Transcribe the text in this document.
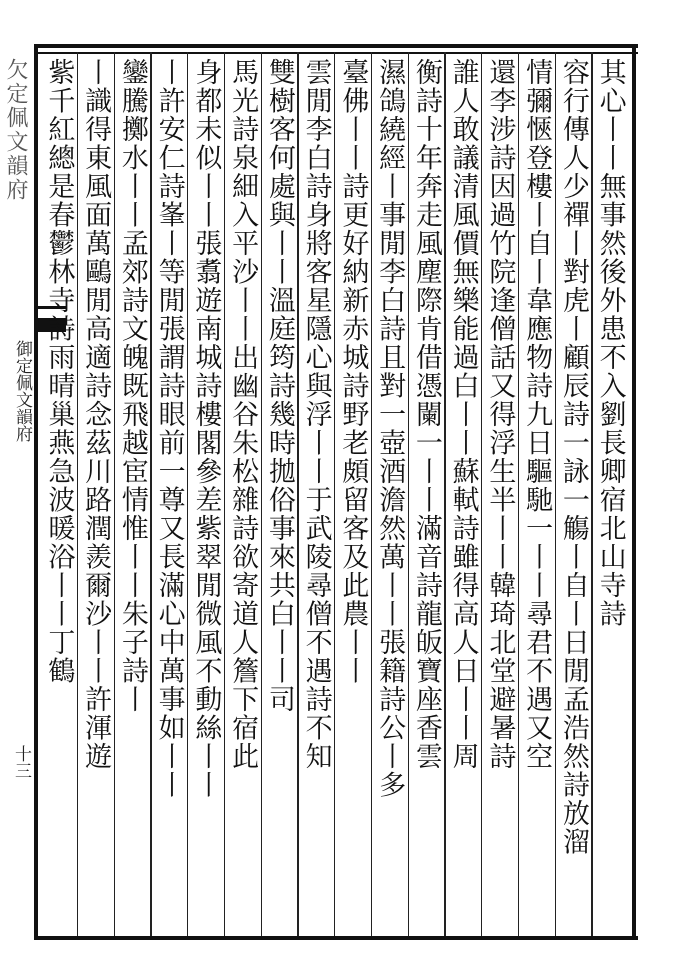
欠定佩文韻府
御定佩文韻府
十三
其心丨丨無事然後外患不入劉長卿宿北山寺詩
容行傳人少禪丨對虎丨顧辰詩一詠一觴丨自丨日閒孟浩然詩放溜
情彌愜登樓丨自丨韋應物詩九日驅馳一丨丨尋君不遇又空
還李涉詩因過竹院逢僧話又得浮生半丨丨韓琦北堂避暑詩
誰人敢議清風價無樂能過白丨丨蘇軾詩雖得高人日丨丨周
衡詩十年奔走風塵際肯借憑闌一丨丨滿音詩龍皈寶座香雲
濕鴿繞經丨事閒李白詩且對一壺酒澹然萬丨丨張籍詩公丨多
臺佛丨丨詩更好納新赤城詩野老頗留客及此農丨丨
雲閒李白詩身將客星隱心與浮丨丨于武陵尋僧不遇詩不知
雙樹客何處與丨丨溫庭筠詩幾時拋俗事來共白丨丨司
馬光詩泉細入平沙丨丨出幽谷朱松雜詩欲寄道人簷下宿此
身都未似丨丨張翥遊南城詩樓閣參差紫翠閒微風不動絲丨丨
丨許安仁詩峯丨等閒張謂詩眼前一尊又長滿心中萬事如丨丨
鑾騰擲水丨丨孟郊詩文魄既飛越宦情惟丨丨朱子詩丨
丨識得東風面萬鷗閒高適詩念茲川路潤羨爾沙丨丨許渾遊
紫千紅總是春鬱林寺詩雨晴巢燕急波暖浴丨丨丁鶴
